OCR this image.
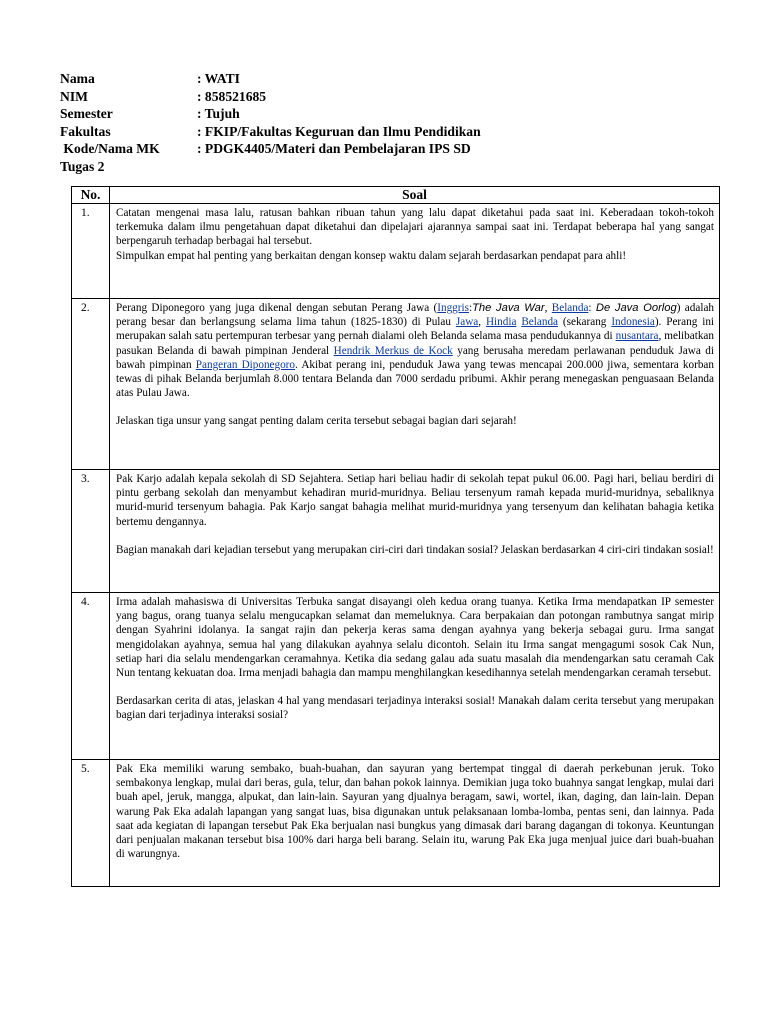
Nama	: WATI
NIM	: 858521685
Semester	: Tujuh
Fakultas	: FKIP/Fakultas Keguruan dan Ilmu Pendidikan
Kode/Nama MK	: PDGK4405/Materi dan Pembelajaran IPS SD
Tugas 2
No.	Soal
1.	Catatan mengenai masa lalu, ratusan bahkan ribuan tahun yang lalu dapat diketahui pada saat ini. Keberadaan tokoh-tokoh terkemuka dalam ilmu pengetahuan dapat diketahui dan dipelajari ajarannya sampai saat ini. Terdapat beberapa hal yang sangat berpengaruh terhadap berbagai hal tersebut.

Simpulkan empat hal penting yang berkaitan dengan konsep waktu dalam sejarah berdasarkan pendapat para ahli!

2.	Perang Diponegoro yang juga dikenal dengan sebutan Perang Jawa (Inggris:The Java War, Belanda: De Java Oorlog) adalah perang besar dan berlangsung selama lima tahun (1825-1830) di Pulau Jawa, Hindia Belanda (sekarang Indonesia). Perang ini merupakan salah satu pertempuran terbesar yang pernah dialami oleh Belanda selama masa pendudukannya di nusantara, melibatkan pasukan Belanda di bawah pimpinan Jenderal Hendrik Merkus de Kock yang berusaha meredam perlawanan penduduk Jawa di bawah pimpinan Pangeran Diponegoro. Akibat perang ini, penduduk Jawa yang tewas mencapai 200.000 jiwa, sementara korban tewas di pihak Belanda berjumlah 8.000 tentara Belanda dan 7000 serdadu pribumi. Akhir perang menegaskan penguasaan Belanda atas Pulau Jawa.

Jelaskan tiga unsur yang sangat penting dalam cerita tersebut sebagai bagian dari sejarah!

3.	Pak Karjo adalah kepala sekolah di SD Sejahtera. Setiap hari beliau hadir di sekolah tepat pukul 06.00. Pagi hari, beliau berdiri di pintu gerbang sekolah dan menyambut kehadiran murid-muridnya. Beliau tersenyum ramah kepada murid-muridnya, sebaliknya murid-murid tersenyum bahagia. Pak Karjo sangat bahagia melihat murid-muridnya yang tersenyum dan kelihatan bahagia ketika bertemu dengannya.

Bagian manakah dari kejadian tersebut yang merupakan ciri-ciri dari tindakan sosial? Jelaskan berdasarkan 4 ciri-ciri tindakan sosial!

4.	Irma adalah mahasiswa di Universitas Terbuka sangat disayangi oleh kedua orang tuanya. Ketika Irma mendapatkan IP semester yang bagus, orang tuanya selalu mengucapkan selamat dan memeluknya. Cara berpakaian dan potongan rambutnya sangat mirip dengan Syahrini idolanya. Ia sangat rajin dan pekerja keras sama dengan ayahnya yang bekerja sebagai guru. Irma sangat mengidolakan ayahnya, semua hal yang dilakukan ayahnya selalu dicontoh. Selain itu Irma sangat mengagumi sosok Cak Nun, setiap hari dia selalu mendengarkan ceramahnya. Ketika dia sedang galau ada suatu masalah dia mendengarkan satu ceramah Cak Nun tentang kekuatan doa. Irma menjadi bahagia dan mampu menghilangkan kesedihannya setelah mendengarkan ceramah tersebut.

Berdasarkan cerita di atas, jelaskan 4 hal yang mendasari terjadinya interaksi sosial! Manakah dalam cerita tersebut yang merupakan bagian dari terjadinya interaksi sosial?

5.	Pak Eka memiliki warung sembako, buah-buahan, dan sayuran yang bertempat tinggal di daerah perkebunan jeruk. Toko sembakonya lengkap, mulai dari beras, gula, telur, dan bahan pokok lainnya. Demikian juga toko buahnya sangat lengkap, mulai dari buah apel, jeruk, mangga, alpukat, dan lain-lain. Sayuran yang djualnya beragam, sawi, wortel, ikan, daging, dan lain-lain. Depan warung Pak Eka adalah lapangan yang sangat luas, bisa digunakan untuk pelaksanaan lomba-lomba, pentas seni, dan lainnya. Pada saat ada kegiatan di lapangan tersebut Pak Eka berjualan nasi bungkus yang dimasak dari barang dagangan di tokonya. Keuntungan dari penjualan makanan tersebut bisa 100% dari harga beli barang. Selain itu, warung Pak Eka juga menjual juice dari buah-buahan di warungnya.
